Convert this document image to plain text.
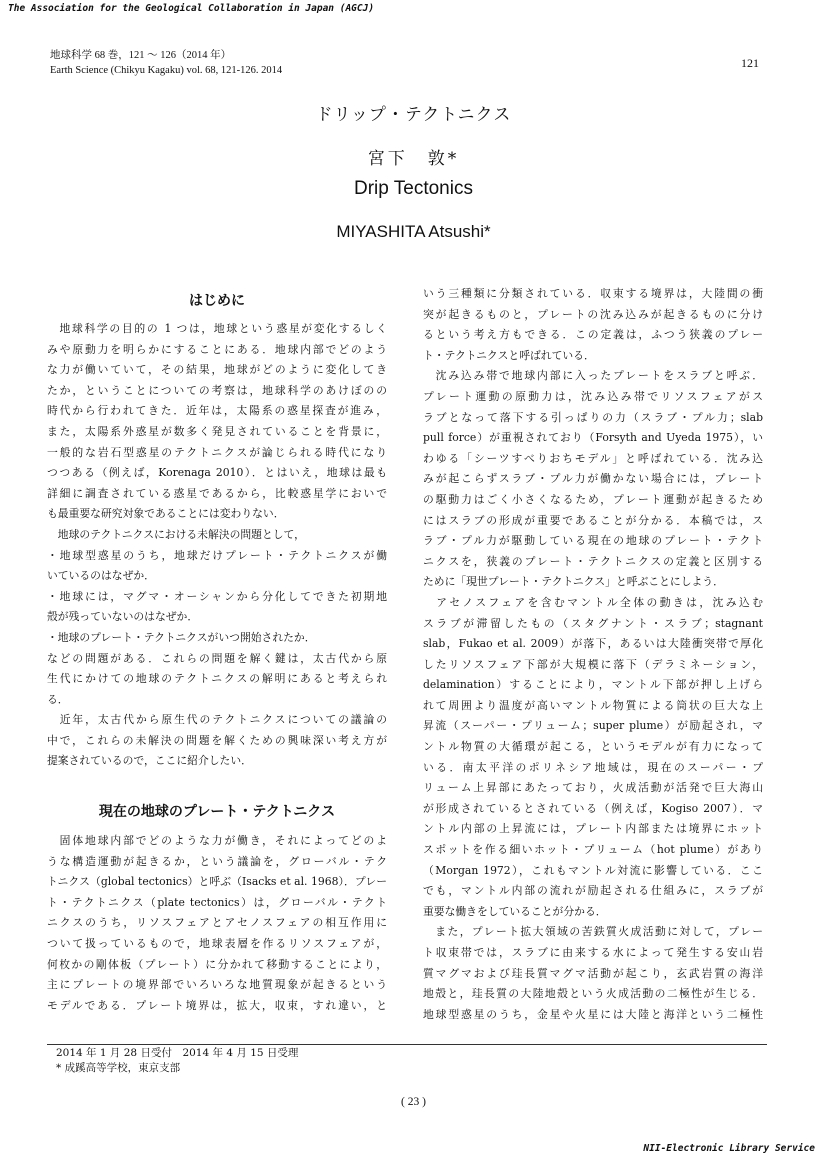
The Association for the Geological Collaboration in Japan (AGCJ)
地球科学 68 巻，121 ～ 126（2014 年）
Earth Science (Chikyu Kagaku) vol. 68, 121-126. 2014
121
ドリップ・テクトニクス
宮下　敦*
Drip Tectonics
MIYASHITA Atsushi*
はじめに
　地球科学の目的の 1 つは，地球という惑星が変化するしく
みや原動力を明らかにすることにある．地球内部でどのよう
な力が働いていて，その結果，地球がどのように変化してき
たか，ということについての考察は，地球科学のあけぼのの
時代から行われてきた．近年は，太陽系の惑星探査が進み，
また，太陽系外惑星が数多く発見されていることを背景に，
一般的な岩石型惑星のテクトニクスが論じられる時代になり
つつある（例えば，Korenaga 2010）．とはいえ，地球は最も
詳細に調査されている惑星であるから，比較惑星学においで
も最重要な研究対象であることには変わりない．
　地球のテクトニクスにおける未解決の問題として，
・地球型惑星のうち，地球だけプレート・テクトニクスが働
いているのはなぜか．
・地球には，マグマ・オーシャンから分化してできた初期地
殻が残っていないのはなぜか．
・地球のプレート・テクトニクスがいつ開始されたか．
などの問題がある．これらの問題を解く鍵は，太古代から原
生代にかけての地球のテクトニクスの解明にあると考えられ
る．
　近年，太古代から原生代のテクトニクスについての議論の
中で，これらの未解決の問題を解くための興味深い考え方が
提案されているので，ここに紹介したい．
現在の地球のプレート・テクトニクス
　固体地球内部でどのような力が働き，それによってどのよ
うな構造運動が起きるか，という議論を，グローバル・テク
トニクス（global tectonics）と呼ぶ（Isacks et al. 1968）．プレー
ト・テクトニクス（plate tectonics）は，グローバル・テクト
ニクスのうち，リソスフェアとアセノスフェアの相互作用に
ついて扱っているもので，地球表層を作るリソスフェアが，
何枚かの剛体板（プレート）に分かれて移動することにより，
主にプレートの境界部でいろいろな地質現象が起きるという
モデルである．プレート境界は，拡大，収束，すれ違い，と
いう三種類に分類されている．収束する境界は，大陸間の衝
突が起きるものと，プレートの沈み込みが起きるものに分け
るという考え方もできる．この定義は，ふつう狭義のプレー
ト・テクトニクスと呼ばれている．
　沈み込み帯で地球内部に入ったプレートをスラブと呼ぶ．
プレート運動の原動力は，沈み込み帯でリソスフェアがス
ラブとなって落下する引っぱりの力（スラブ・プル力；slab
pull force）が重視されており（Forsyth and Uyeda 1975），い
わゆる「シーツすべりおちモデル」と呼ばれている．沈み込
みが起こらずスラブ・プル力が働かない場合には，プレート
の駆動力はごく小さくなるため，プレート運動が起きるため
にはスラブの形成が重要であることが分かる．本稿では，ス
ラブ・プル力が駆動している現在の地球のプレート・テクト
ニクスを，狭義のプレート・テクトニクスの定義と区別する
ために「現世プレート・テクトニクス」と呼ぶことにしよう．
　アセノスフェアを含むマントル全体の動きは，沈み込む
スラブが滞留したもの（スタグナント・スラブ；stagnant
slab，Fukao et al. 2009）が落下，あるいは大陸衝突帯で厚化
したリソスフェア下部が大規模に落下（デラミネーション，
delamination）することにより，マントル下部が押し上げら
れて周囲より温度が高いマントル物質による筒状の巨大な上
昇流（スーパー・プリューム；super plume）が励起され，マ
ントル物質の大循環が起こる，というモデルが有力になって
いる．南太平洋のポリネシア地域は，現在のスーパー・プ
リューム上昇部にあたっており，火成活動が活発で巨大海山
が形成されているとされている（例えば，Kogiso 2007）．マ
ントル内部の上昇流には，プレート内部または境界にホット
スポットを作る細いホット・プリューム（hot plume）があり
（Morgan 1972），これもマントル対流に影響している．ここ
でも，マントル内部の流れが励起される仕組みに，スラブが
重要な働きをしていることが分かる．
　また，プレート拡大領域の苦鉄質火成活動に対して，プレー
ト収束帯では，スラブに由来する水によって発生する安山岩
質マグマおよび珪長質マグマ活動が起こり，玄武岩質の海洋
地殻と，珪長質の大陸地殻という火成活動の二極性が生じる．
地球型惑星のうち，金星や火星には大陸と海洋という二極性
2014 年 1 月 28 日受付　2014 年 4 月 15 日受理
* 成蹊高等学校，東京支部
( 23 )
NII-Electronic Library Service
